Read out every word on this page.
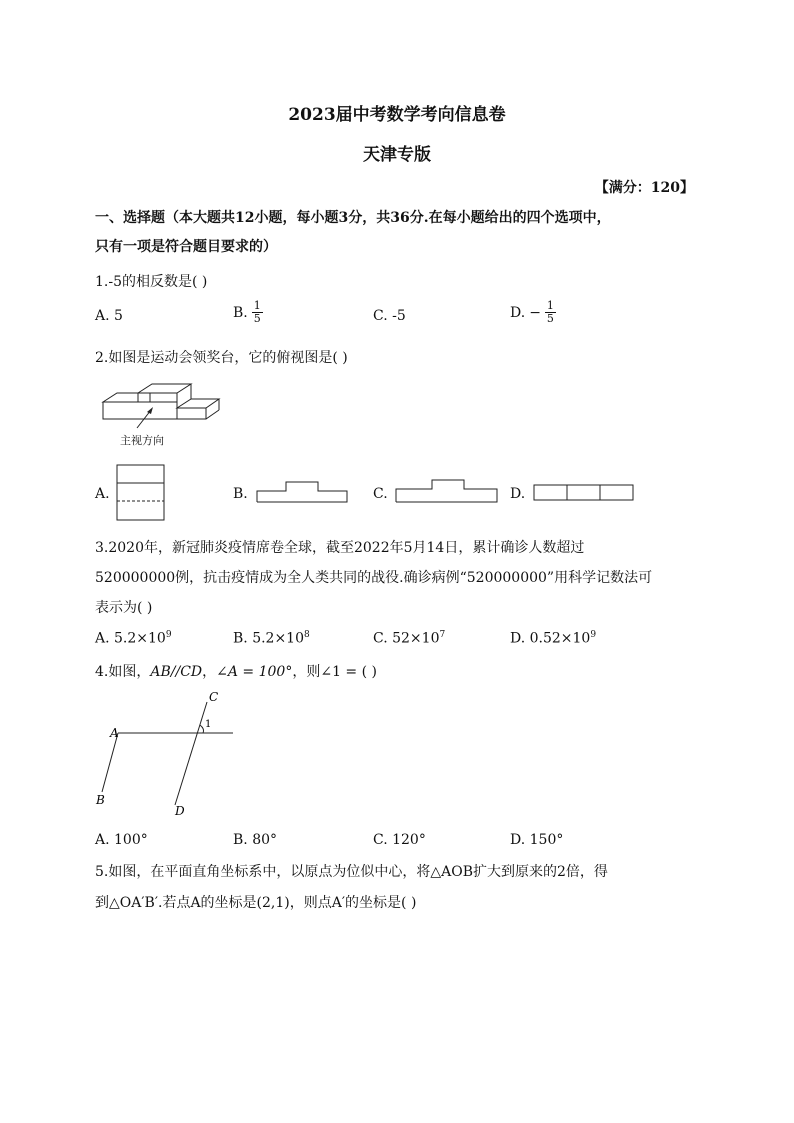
2023届中考数学考向信息卷
天津专版
【满分：120】
一、选择题（本大题共12小题，每小题3分，共36分.在每小题给出的四个选项中，
只有一项是符合题目要求的）
1.-5的相反数是( )
A. 5	B. $\frac{1}{5}$	C. -5	D. − $\frac{1}{5}$
2.如图是运动会领奖台，它的俯视图是( )
主视方向
A.	B.	C.	D.
3.2020年，新冠肺炎疫情席卷全球，截至2022年5月14日，累计确诊人数超过
520000000例，抗击疫情成为全人类共同的战役.确诊病例“520000000”用科学记数法可
表示为( )
A. $5.2\times 10^9$	B. $5.2\times 10^8$	C. $52\times 10^7$	D. $0.52\times 10^9$
4.如图，AB//CD，∠A = 100°，则∠1 = ( )
A
B
C
D
1
A. 100°	B. 80°	C. 120°	D. 150°
5.如图，在平面直角坐标系中，以原点为位似中心，将△AOB扩大到原来的2倍，得
到△OA′B′.若点A的坐标是(2,1)，则点A′的坐标是( )
